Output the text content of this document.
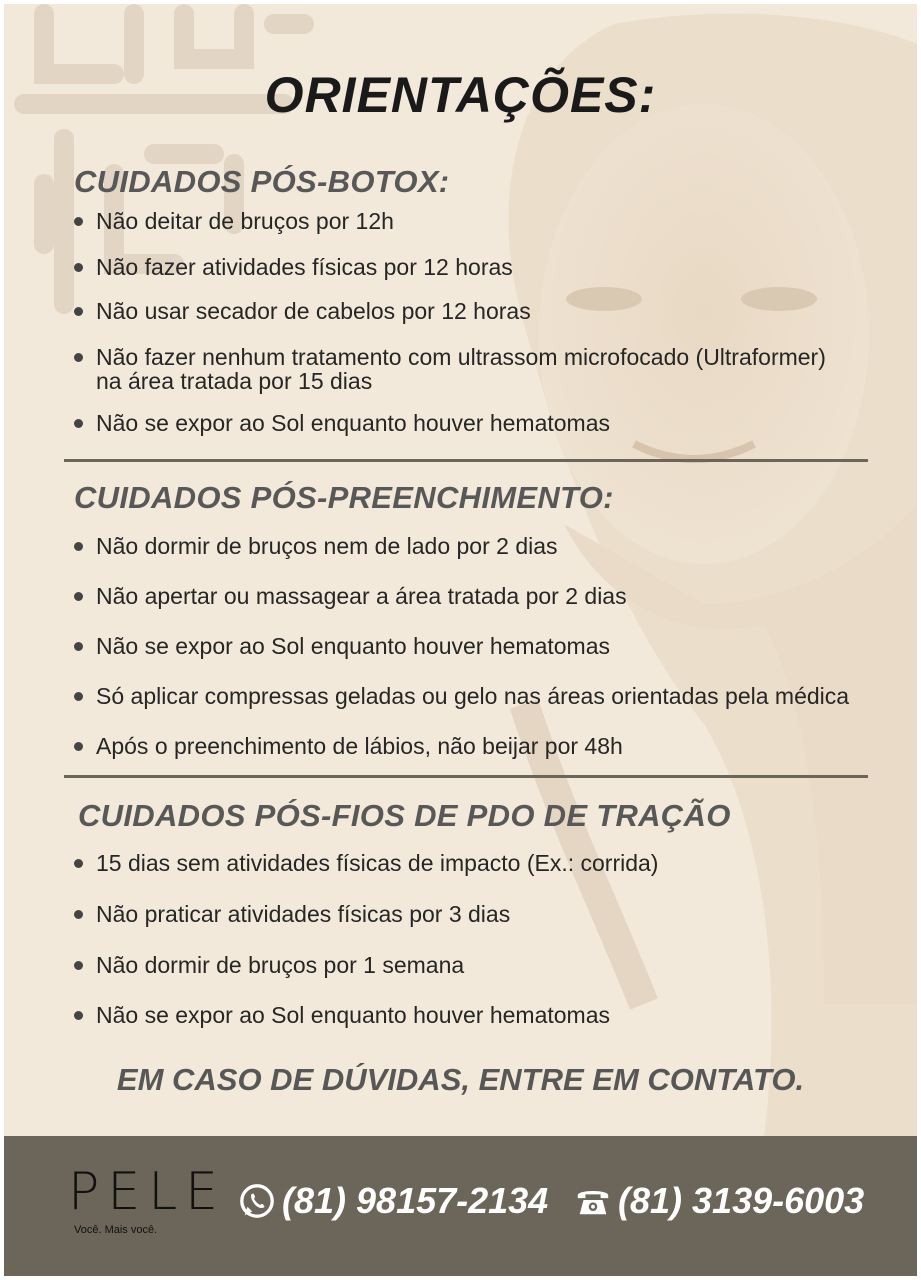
ORIENTAÇÕES:
CUIDADOS PÓS-BOTOX:
Não deitar de bruços por 12h
Não fazer atividades físicas por 12 horas
Não usar secador de cabelos por 12 horas
Não fazer nenhum tratamento com ultrassom microfocado (Ultraformer)
na área tratada por 15 dias
Não se expor ao Sol enquanto houver hematomas
CUIDADOS PÓS-PREENCHIMENTO:
Não dormir de bruços nem de lado por 2 dias
Não apertar ou massagear a área tratada por 2 dias
Não se expor ao Sol enquanto houver hematomas
Só aplicar compressas geladas ou gelo nas áreas orientadas pela médica
Após o preenchimento de lábios, não beijar por 48h
CUIDADOS PÓS-FIOS DE PDO DE TRAÇÃO
15 dias sem atividades físicas de impacto (Ex.: corrida)
Não praticar atividades físicas por 3 dias
Não dormir de bruços por 1 semana
Não se expor ao Sol enquanto houver hematomas

EM CASO DE DÚVIDAS, ENTRE EM CONTATO.

PELE
Você. Mais você.
(81) 98157-2134 (81) 3139-6003
